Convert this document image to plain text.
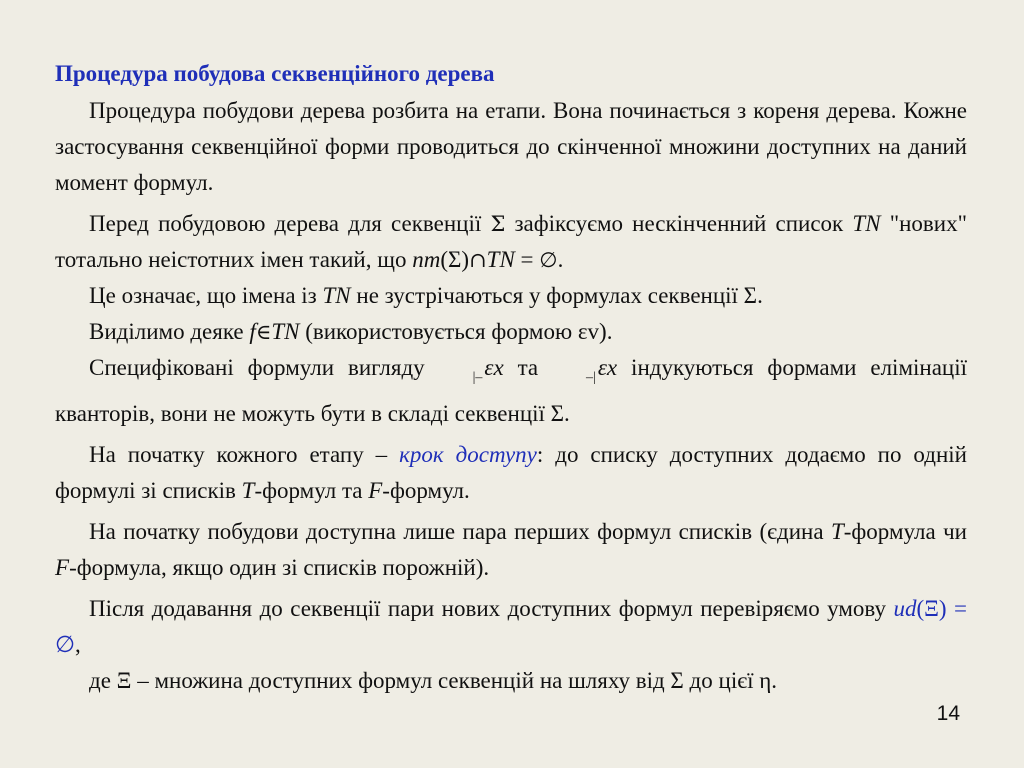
Процедура побудова секвенційного дерева

Процедура побудови дерева розбита на етапи. Вона починається з кореня дерева. Кожне застосування секвенційної форми проводиться до скінченної множини доступних на даний момент формул.

Перед побудовою дерева для секвенції Σ зафіксуємо нескінченний список TN "нових" тотально неістотних імен такий, що nm(Σ)∩TN = ∅.

Це означає, що імена із TN не зустрічаються у формулах секвенції Σ.

Виділимо деяке f∈TN (використовується формою εv).

Специфіковані формули вигляду |–εx та –|εx індукуються формами елімінації кванторів, вони не можуть бути в складі секвенції Σ.

На початку кожного етапу – крок доступу: до списку доступних додаємо по одній формулі зі списків T-формул та F-формул.

На початку побудови доступна лише пара перших формул списків (єдина T-формула чи F-формула, якщо один зі списків порожній).

Після додавання до секвенції пари нових доступних формул перевіряємо умову ud(Ξ) = ∅,

де Ξ – множина доступних формул секвенцій на шляху від Σ до цієї η.

14
